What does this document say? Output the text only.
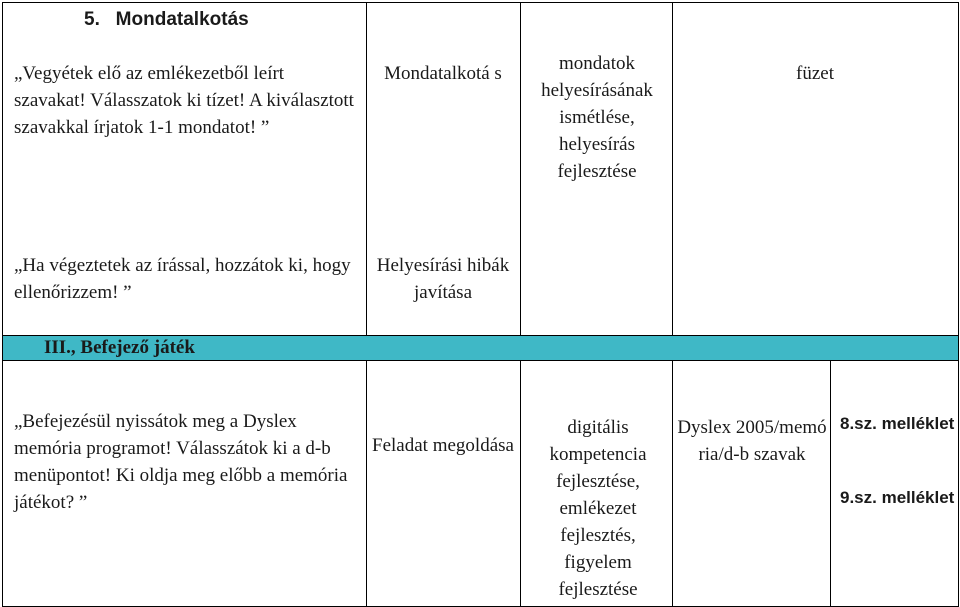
5.   Mondatalkotás
„Vegyétek elő az emlékezetből leírt szavakat! Válasszatok ki tízet! A kiválasztott szavakkal írjatok 1-1 mondatot! ”
Mondatalkotá s	mondatok helyesírásának ismétlése, helyesírás fejlesztése
füzet
„Ha végeztetek az írással, hozzátok ki, hogy ellenőrizzem! ”
Helyesírási hibák javítása
III., Befejező játék
„Befejezésül nyissátok meg a Dyslex memória programot! Válasszátok ki a d-b menüpontot! Ki oldja meg előbb a memória játékot? ”
Feladat megoldása
digitális kompetencia fejlesztése, emlékezet fejlesztés, figyelem fejlesztése
Dyslex 2005/memó ria/d-b szavak
8.sz. melléklet
9.sz. melléklet
